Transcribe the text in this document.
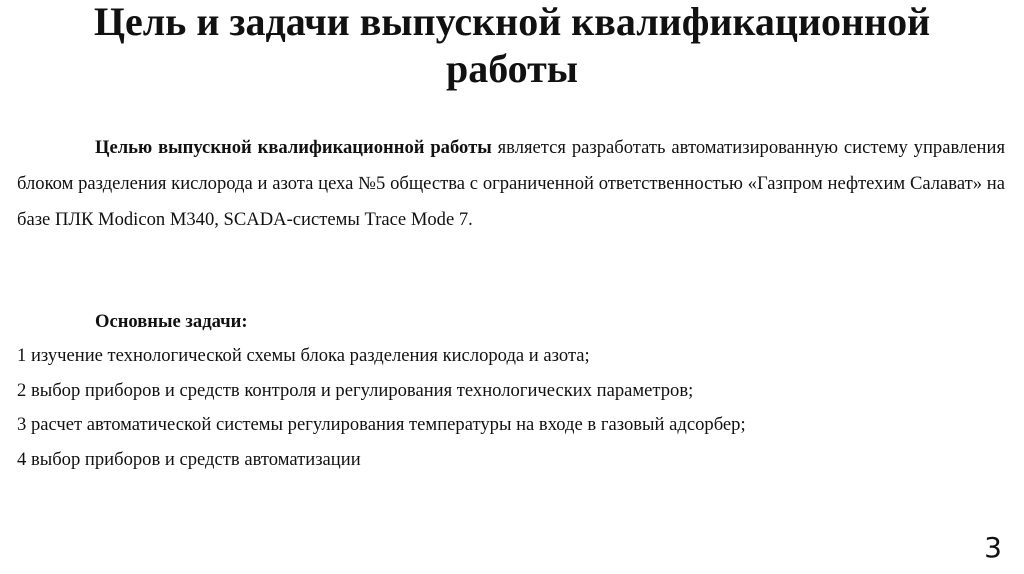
Цель и задачи выпускной квалификационной
работы

Целью выпускной квалификационной работы является разработать автоматизированную систему управления блоком разделения кислорода и азота цеха №5 общества с ограниченной ответственностью «Газпром нефтехим Салават» на базе ПЛК Modicon M340, SCADA-системы Trace Mode 7.

Основные задачи:

1 изучение технологической схемы блока разделения кислорода и азота;
2 выбор приборов и средств контроля и регулирования технологических параметров;
3 расчет автоматической системы регулирования температуры на входе в газовый адсорбер;
4 выбор приборов и средств автоматизации
3
